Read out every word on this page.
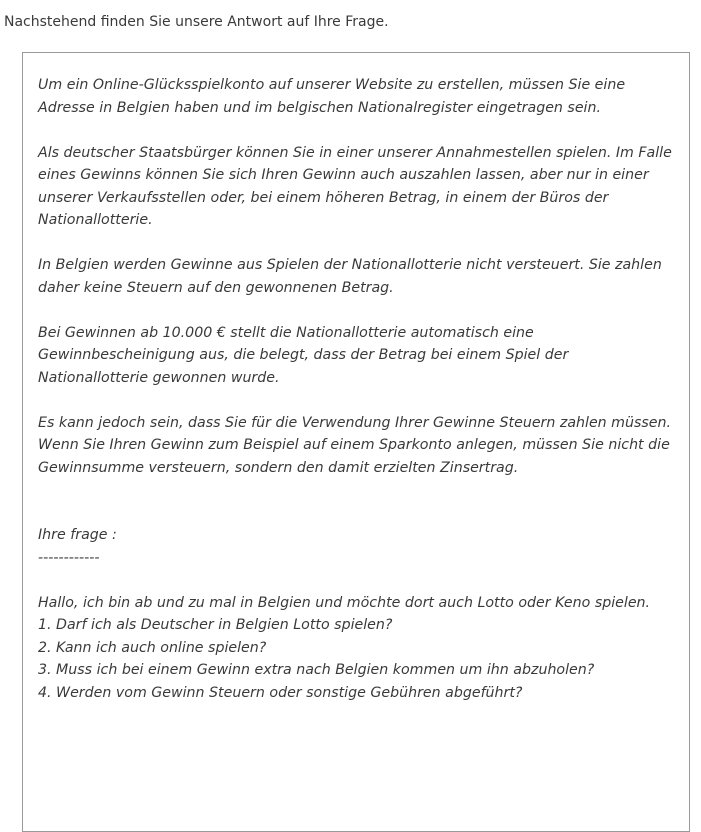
Nachstehend finden Sie unsere Antwort auf Ihre Frage.

Um ein Online-Glücksspielkonto auf unserer Website zu erstellen, müssen Sie eine Adresse in Belgien haben und im belgischen Nationalregister eingetragen sein.

Als deutscher Staatsbürger können Sie in einer unserer Annahmestellen spielen. Im Falle eines Gewinns können Sie sich Ihren Gewinn auch auszahlen lassen, aber nur in einer unserer Verkaufsstellen oder, bei einem höheren Betrag, in einem der Büros der Nationallotterie.

In Belgien werden Gewinne aus Spielen der Nationallotterie nicht versteuert. Sie zahlen daher keine Steuern auf den gewonnenen Betrag.

Bei Gewinnen ab 10.000 € stellt die Nationallotterie automatisch eine Gewinnbescheinigung aus, die belegt, dass der Betrag bei einem Spiel der Nationallotterie gewonnen wurde.

Es kann jedoch sein, dass Sie für die Verwendung Ihrer Gewinne Steuern zahlen müssen. Wenn Sie Ihren Gewinn zum Beispiel auf einem Sparkonto anlegen, müssen Sie nicht die Gewinnsumme versteuern, sondern den damit erzielten Zinsertrag.

Ihre frage :
------------
Hallo, ich bin ab und zu mal in Belgien und möchte dort auch Lotto oder Keno spielen.
1. Darf ich als Deutscher in Belgien Lotto spielen?
2. Kann ich auch online spielen?
3. Muss ich bei einem Gewinn extra nach Belgien kommen um ihn abzuholen?
4. Werden vom Gewinn Steuern oder sonstige Gebühren abgeführt?
